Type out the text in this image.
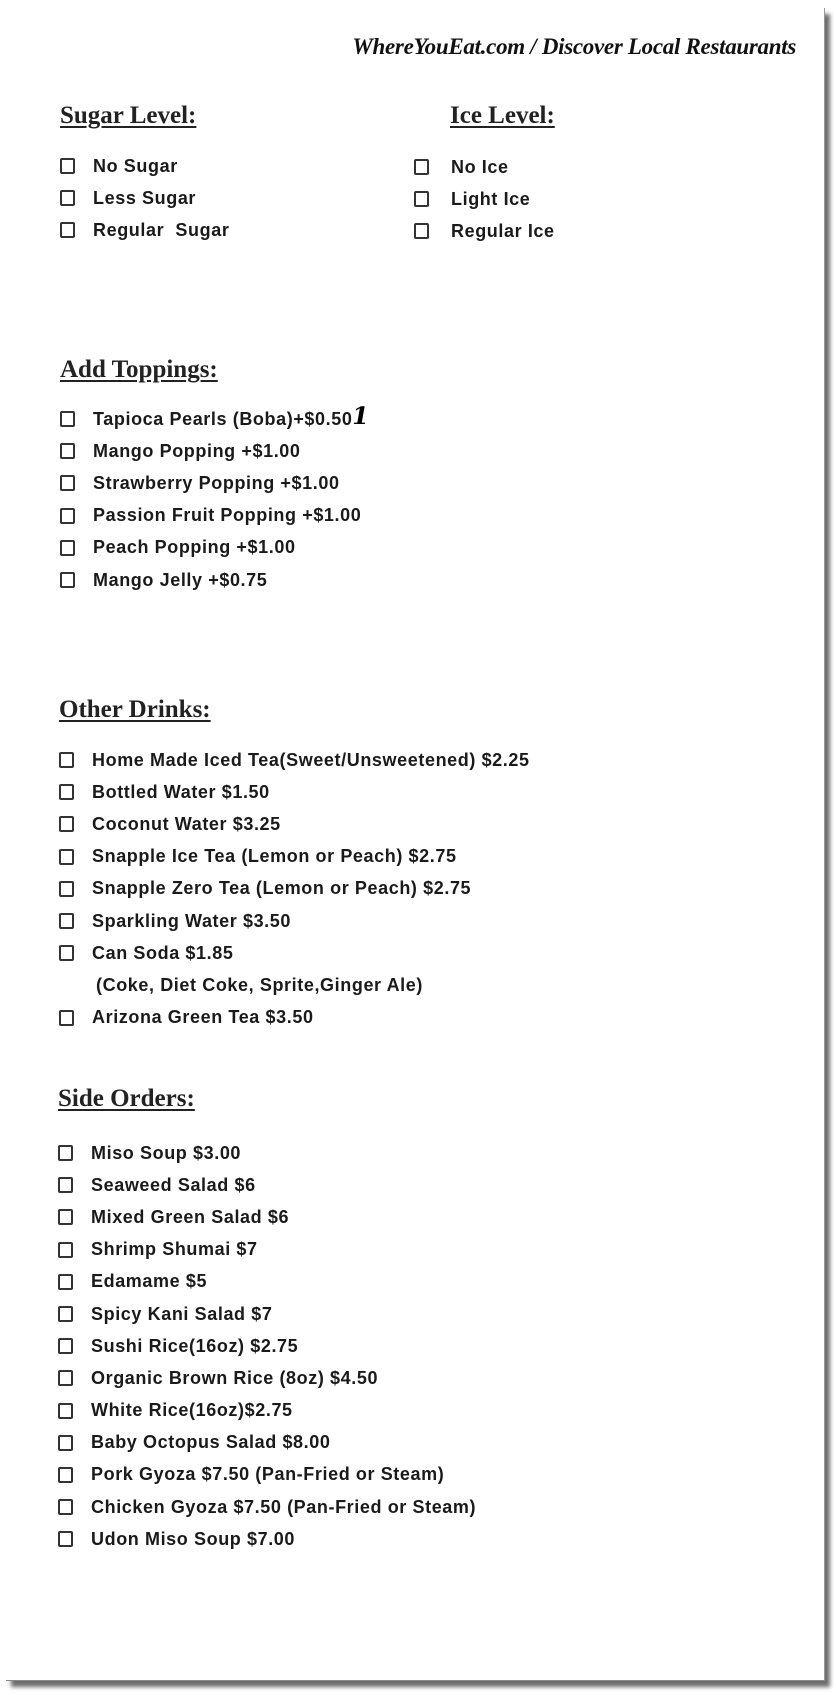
WhereYouEat.com / Discover Local Restaurants
Sugar Level:	Ice Level:
No Sugar
Less Sugar
Regular  Sugar
No Ice
Light Ice
Regular Ice
Add Toppings:
Tapioca Pearls (Boba)+$0.50
1
Mango Popping +$1.00
Strawberry Popping +$1.00
Passion Fruit Popping +$1.00
Peach Popping +$1.00
Mango Jelly +$0.75
Other Drinks:
Home Made Iced Tea(Sweet/Unsweetened) $2.25
Bottled Water $1.50
Coconut Water $3.25
Snapple Ice Tea (Lemon or Peach) $2.75
Snapple Zero Tea (Lemon or Peach) $2.75
Sparkling Water $3.50
Can Soda $1.85
(Coke, Diet Coke, Sprite,Ginger Ale)
Arizona Green Tea $3.50
Side Orders:
Miso Soup $3.00
Seaweed Salad $6
Mixed Green Salad $6
Shrimp Shumai $7
Edamame $5
Spicy Kani Salad $7
Sushi Rice(16oz) $2.75
Organic Brown Rice (8oz) $4.50
White Rice(16oz)$2.75
Baby Octopus Salad $8.00
Pork Gyoza $7.50 (Pan-Fried or Steam)
Chicken Gyoza $7.50 (Pan-Fried or Steam)
Udon Miso Soup $7.00
